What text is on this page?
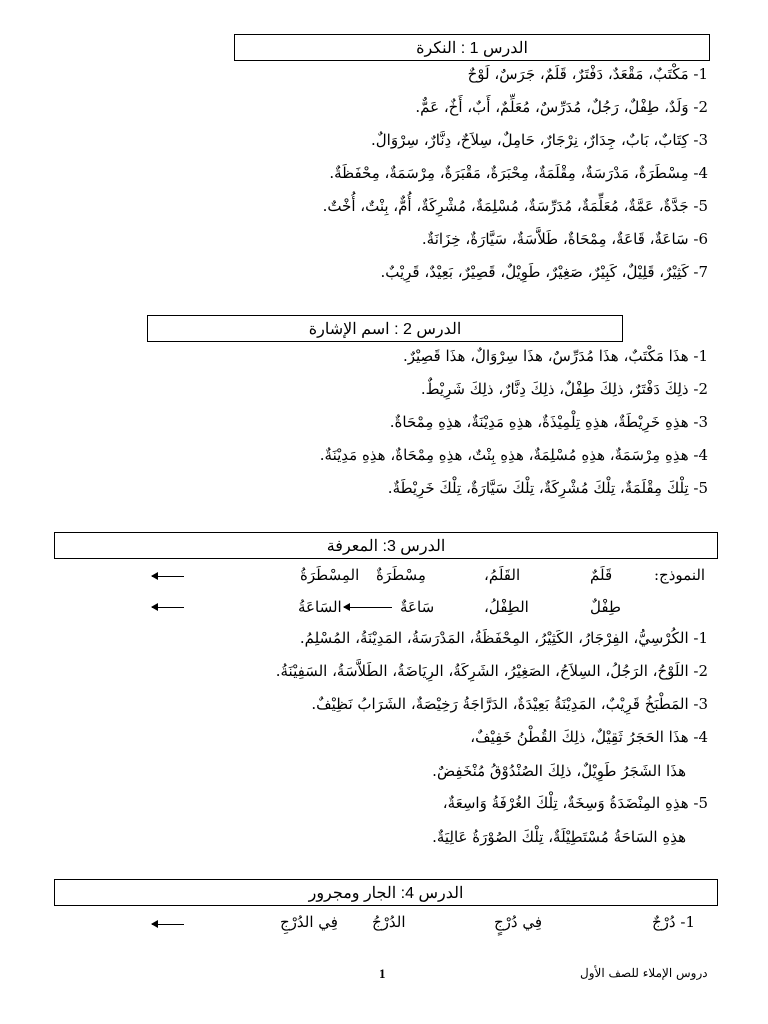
الدرس 1 : النكرة
1- مَكْتَبٌ، مَقْعَدٌ، دَفْتَرٌ، قَلَمٌ، جَرَسٌ، لَوْحٌ
2- وَلَدٌ، طِفْلٌ، رَجُلٌ، مُدَرِّسٌ، مُعَلِّمٌ، أَبٌ، أَخٌ، عَمٌّ.
3- كِتَابٌ، بَابٌ، جِدَارٌ، نِرْجَارٌ، حَامِلٌ، سِلاَحٌ، دِنَّارٌ، سِرْوَالٌ.
4- مِسْطَرَةٌ، مَدْرَسَةٌ، مِقْلَمَةٌ، مِحْبَرَةٌ، مَقْبَرَةٌ، مِرْسَمَةٌ، مِحْفَظَةٌ.
5- جَدَّةٌ، عَمَّةٌ، مُعَلِّمَةٌ، مُدَرِّسَةٌ، مُسْلِمَةٌ، مُشْرِكَةٌ، أُمٌّ، بِنْتٌ، أُخْتٌ.
6- سَاعَةٌ، قَاعَةٌ، مِمْحَاةٌ، طَلاَّسَةٌ، سَيَّارَةٌ، خِزَانَةٌ.
7- كَثِيْرٌ، قَلِيْلٌ، كَبِيْرٌ، صَغِيْرٌ، طَوِيْلٌ، قَصِيْرٌ، بَعِيْدٌ، قَرِيْبٌ.
الدرس 2 : اسم الإشارة
1- هذَا مَكْتَبٌ، هذَا مُدَرِّسٌ، هذَا سِرْوَالٌ، هذَا قَصِيْرٌ.
2- ذلِكَ دَفْتَرٌ، ذلِكَ طِفْلٌ، ذلِكَ دِنَّارٌ، ذلِكَ شَرِيْطٌ.
3- هذِهِ خَرِيْطَةٌ، هذِهِ تِلْمِيْذَةٌ، هذِهِ مَدِيْنَةٌ، هذِهِ مِمْحَاةٌ.
4- هذِهِ مِرْسَمَةٌ، هذِهِ مُسْلِمَةٌ، هذِهِ بِنْتٌ، هذِهِ مِمْحَاةٌ، هذِهِ مَدِيْنَةٌ.
5- تِلْكَ مِقْلَمَةٌ، تِلْكَ مُشْرِكَةٌ، تِلْكَ سَيَّارَةٌ، تِلْكَ خَرِيْطَةٌ.
الدرس 3: المعرفة
النموذج:
قَلَمٌ
القَلَمُ،
مِسْطَرَةٌ
المِسْطَرَةُ
طِفْلٌ
الطِفْلُ،
سَاعَةٌ
السَاعَةُ
1- الكُرْسِيُّ، الفِرْجَارُ، الكَثِيْرُ، المِحْفَظَةُ، المَدْرَسَةُ، المَدِيْنَةُ، المُسْلِمُ.
2- اللَوْحُ، الرَجُلُ، السِلاَحُ، الصَغِيْرُ، الشَرِكَةُ، الرِيَاضَةُ، الطَلاَّسَةُ، السَفِيْنَةُ.
3- المَطْبَخُ قَرِيْبٌ، المَدِيْنَةُ بَعِيْدَةٌ، الدَرَّاجَةُ رَخِيْصَةٌ، الشَرَابُ نَظِيْفٌ.
4- هذَا الحَجَرُ ثَقِيْلٌ، ذلِكَ القُطْنُ خَفِيْفٌ،
هذَا الشَجَرُ طَوِيْلٌ، ذلِكَ الصُنْدُوْقُ مُنْخَفِضٌ.
5- هذِهِ المِنْضَدَةُ وَسِخَةٌ، تِلْكَ الغُرْفَةُ وَاسِعَةٌ،
هذِهِ السَاحَةُ مُسْتَطِيْلَةٌ، تِلْكَ الصُوْرَةُ عَالِيَةٌ.
الدرس 4: الجار ومجرور
1- دُرْجٌ
فِي دُرْجٍ
الدُرْجُ
فِي الدُرْجِ
1	دروس الإملاء للصف الأول
